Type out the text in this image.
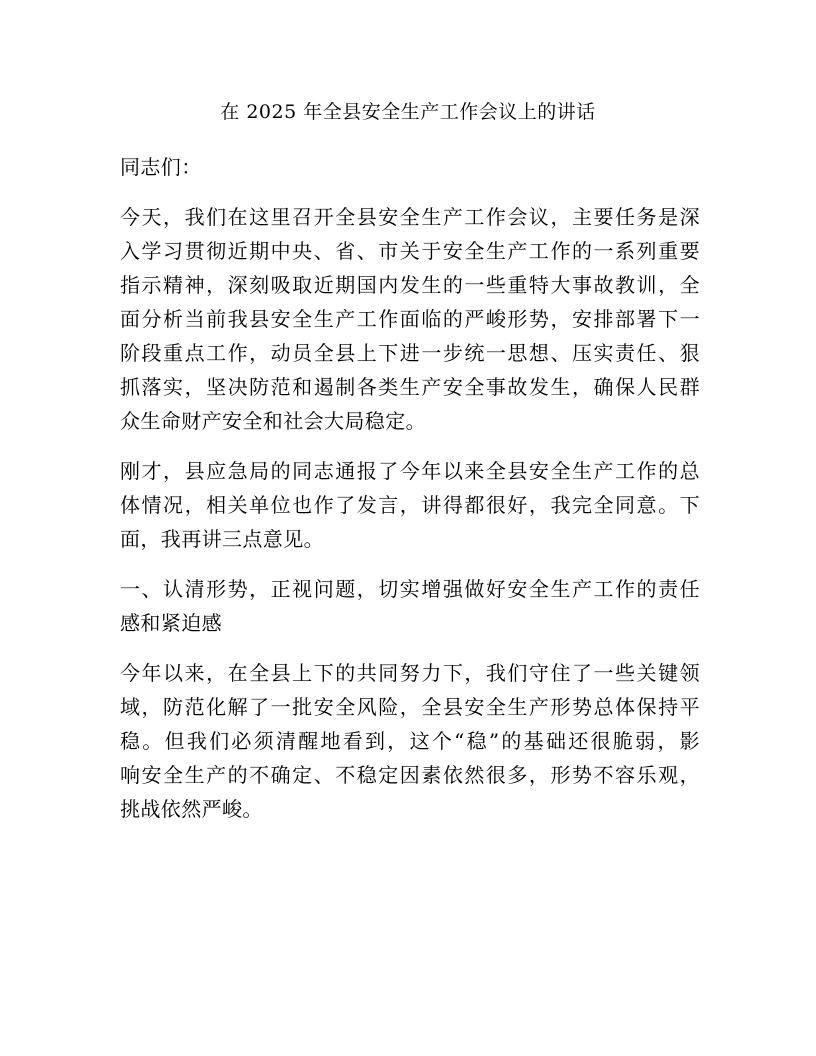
在 2025 年全县安全生产工作会议上的讲话

同志们：

今天，我们在这里召开全县安全生产工作会议，主要任务是深
入学习贯彻近期中央、省、市关于安全生产工作的一系列重要
指示精神，深刻吸取近期国内发生的一些重特大事故教训，全
面分析当前我县安全生产工作面临的严峻形势，安排部署下一
阶段重点工作，动员全县上下进一步统一思想、压实责任、狠
抓落实，坚决防范和遏制各类生产安全事故发生，确保人民群
众生命财产安全和社会大局稳定。

刚才，县应急局的同志通报了今年以来全县安全生产工作的总
体情况，相关单位也作了发言，讲得都很好，我完全同意。下
面，我再讲三点意见。

一、认清形势，正视问题，切实增强做好安全生产工作的责任
感和紧迫感

今年以来，在全县上下的共同努力下，我们守住了一些关键领
域，防范化解了一批安全风险，全县安全生产形势总体保持平
稳。但我们必须清醒地看到，这个“稳”的基础还很脆弱，影
响安全生产的不确定、不稳定因素依然很多，形势不容乐观，
挑战依然严峻。
